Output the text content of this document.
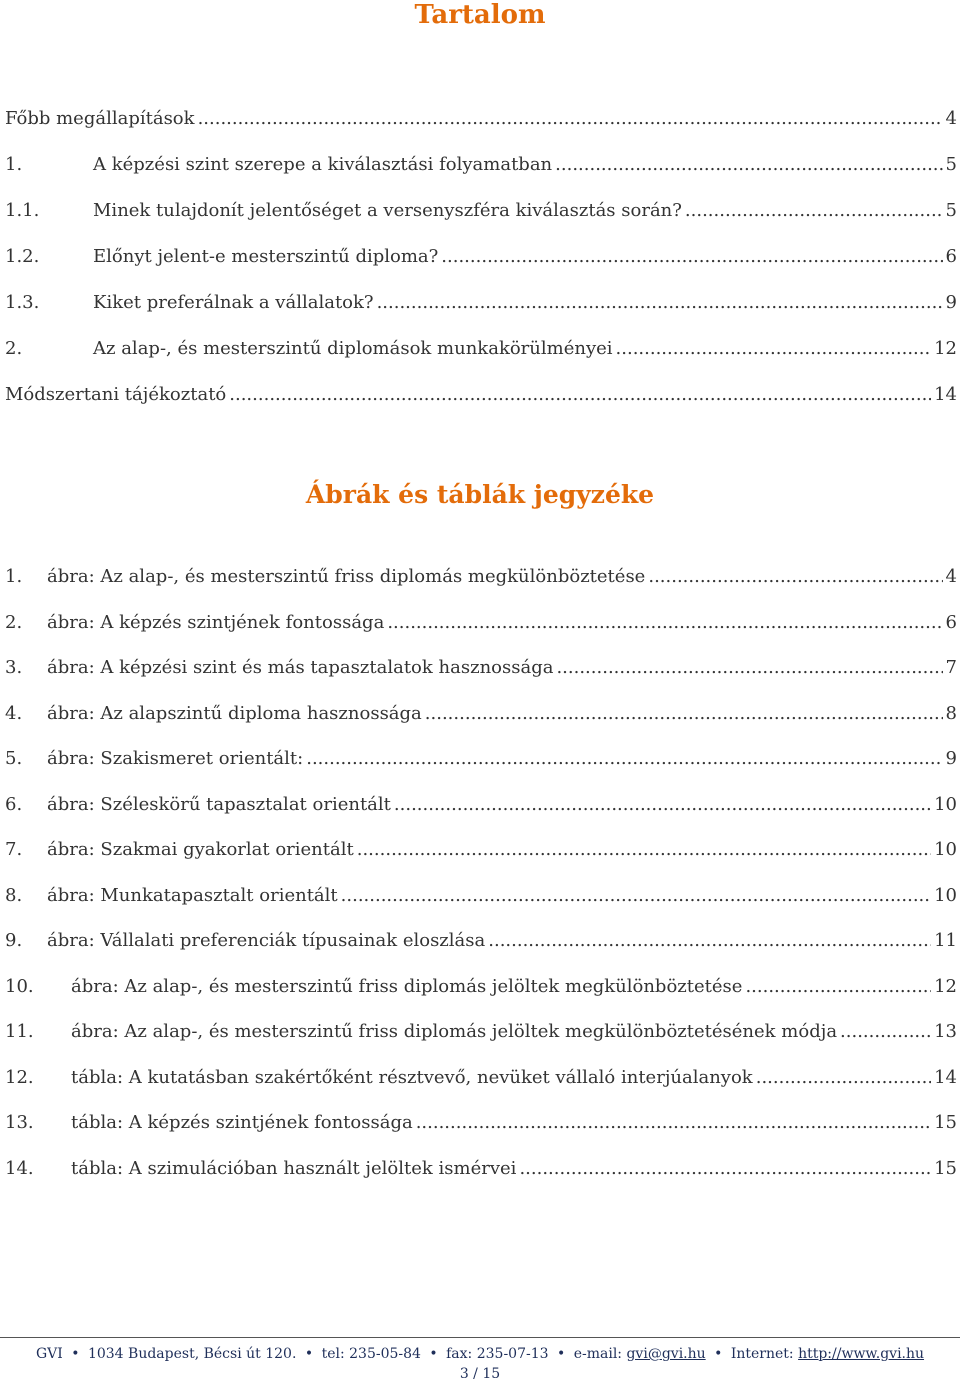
Tartalom
Főbb megállapítások .....	4
1.	A képzési szint szerepe a kiválasztási folyamatban .....	5
1.1.	Minek tulajdonít jelentőséget a versenyszféra kiválasztás során? .....	5
1.2.	Előnyt jelent-e mesterszintű diploma? .....	6
1.3.	Kiket preferálnak a vállalatok? .....	9
2.	Az alap-, és mesterszintű diplomások munkakörülményei .....	12
Módszertani tájékoztató .....	14
Ábrák és táblák jegyzéke
1.	ábra: Az alap-, és mesterszintű friss diplomás megkülönböztetése .....	4
2.	ábra: A képzés szintjének fontossága .....	6
3.	ábra: A képzési szint és más tapasztalatok hasznossága .....	7
4.	ábra: Az alapszintű diploma hasznossága .....	8
5.	ábra: Szakismeret orientált: .....	9
6.	ábra: Széleskörű tapasztalat orientált .....	10
7.	ábra: Szakmai gyakorlat orientált .....	10
8.	ábra: Munkatapasztalt orientált .....	10
9.	ábra: Vállalati preferenciák típusainak eloszlása .....	11
10.	ábra: Az alap-, és mesterszintű friss diplomás jelöltek megkülönböztetése .....	12
11.	ábra: Az alap-, és mesterszintű friss diplomás jelöltek megkülönböztetésének módja .....	13
12.	tábla: A kutatásban szakértőként résztvevő, nevüket vállaló interjúalanyok .....	14
13.	tábla: A képzés szintjének fontossága .....	15
14.	tábla: A szimulációban használt jelöltek ismérvei .....	15
GVI • 1034 Budapest, Bécsi út 120. • tel: 235-05-84 • fax: 235-07-13 • e-mail: gvi@gvi.hu • Internet: http://www.gvi.hu
3 / 15
